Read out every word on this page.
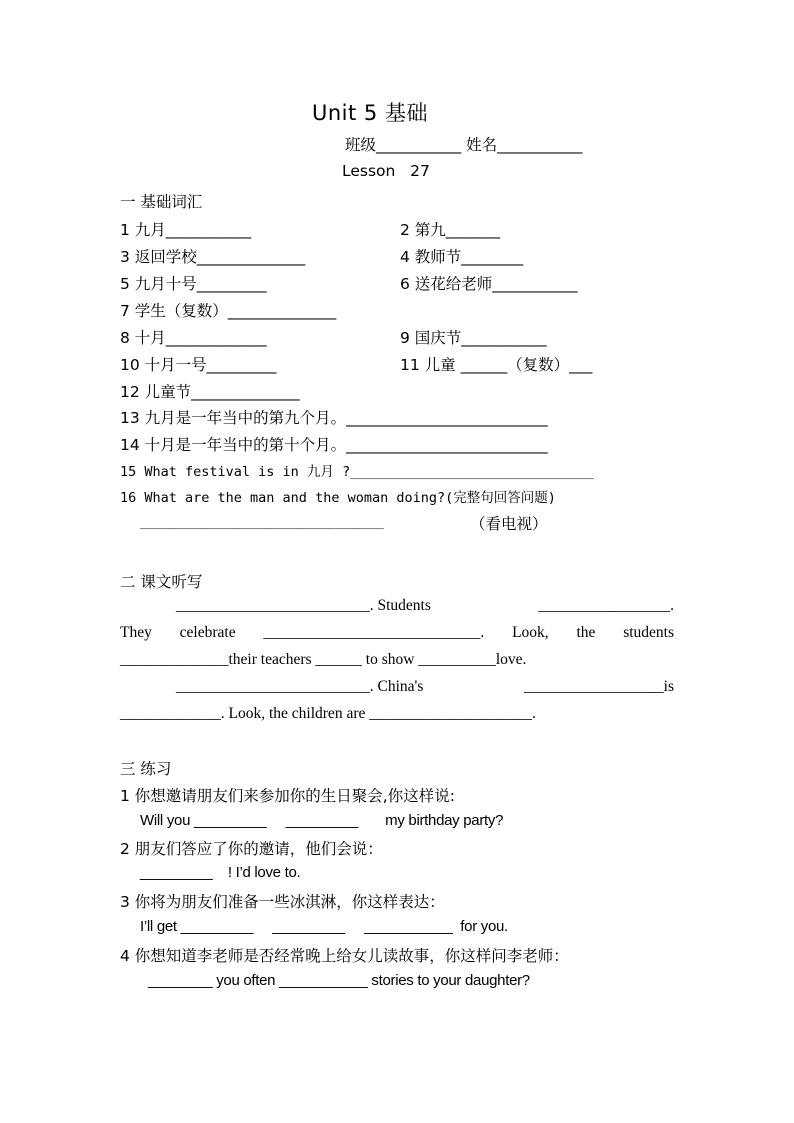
Unit 5 基础
班级___________ 姓名___________
Lesson   27
一 基础词汇
1 九月___________	2 第九_______
3 返回学校______________	4 教师节________
5 九月十号_________	6 送花给老师___________
7 学生（复数）______________
8 十月_____________	9 国庆节___________
10 十月一号_________	11 儿童 ______（复数）___
12 儿童节______________
13 九月是一年当中的第九个月。__________________________
14 十月是一年当中的第十个月。__________________________
15 What festival is in 九月 ?______________________________
16 What are the man and the woman doing?(完整句回答问题)
______________________________	（看电视）
二 课文听写
_________________________. Students	_________________.
They celebrate ____________________________. Look, the students
______________their teachers ______ to show __________love.
_________________________. China's	__________________is
_____________. Look, the children are _____________________.
三 练习
1 你想邀请朋友们来参加你的生日聚会,你这样说:
Will you _________     _________       my birthday party?
2 朋友们答应了你的邀请，他们会说：
_________    ! I’d love to.
3 你将为朋友们准备一些冰淇淋，你这样表达：
I’ll get _________     _________     ___________  for you.
4 你想知道李老师是否经常晚上给女儿读故事，你这样问李老师：
________ you often ___________ stories to your daughter?
